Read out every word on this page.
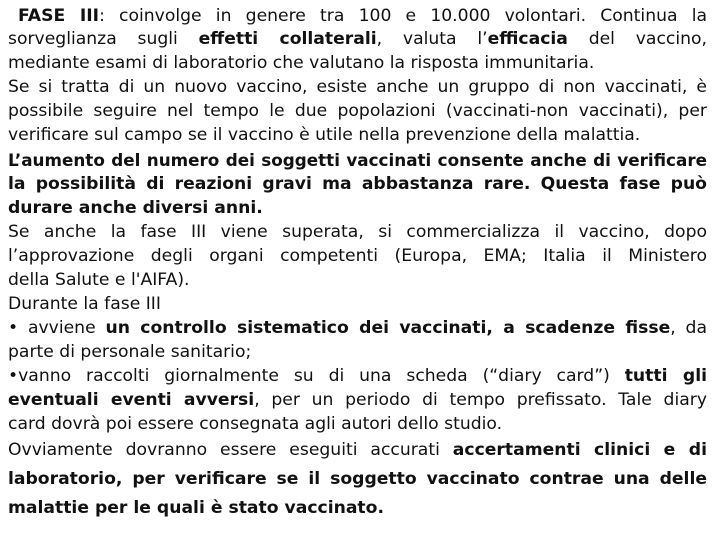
FASE III: coinvolge in genere tra 100 e 10.000 volontari. Continua la
sorveglianza sugli effetti collaterali, valuta l’efficacia del vaccino,
mediante esami di laboratorio che valutano la risposta immunitaria.
Se si tratta di un nuovo vaccino, esiste anche un gruppo di non vaccinati, è
possibile seguire nel tempo le due popolazioni (vaccinati-non vaccinati), per
verificare sul campo se il vaccino è utile nella prevenzione della malattia.
L’aumento del numero dei soggetti vaccinati consente anche di verificare
la possibilità di reazioni gravi ma abbastanza rare. Questa fase può
durare anche diversi anni.
Se anche la fase III viene superata, si commercializza il vaccino, dopo
l’approvazione degli organi competenti (Europa, EMA; Italia il Ministero
della Salute e l'AIFA).
Durante la fase III
• avviene un controllo sistematico dei vaccinati, a scadenze fisse, da
parte di personale sanitario;
•vanno raccolti giornalmente su di una scheda (“diary card”) tutti gli
eventuali eventi avversi, per un periodo di tempo prefissato. Tale diary
card dovrà poi essere consegnata agli autori dello studio.
Ovviamente dovranno essere eseguiti accurati accertamenti clinici e di
laboratorio, per verificare se il soggetto vaccinato contrae una delle
malattie per le quali è stato vaccinato.
